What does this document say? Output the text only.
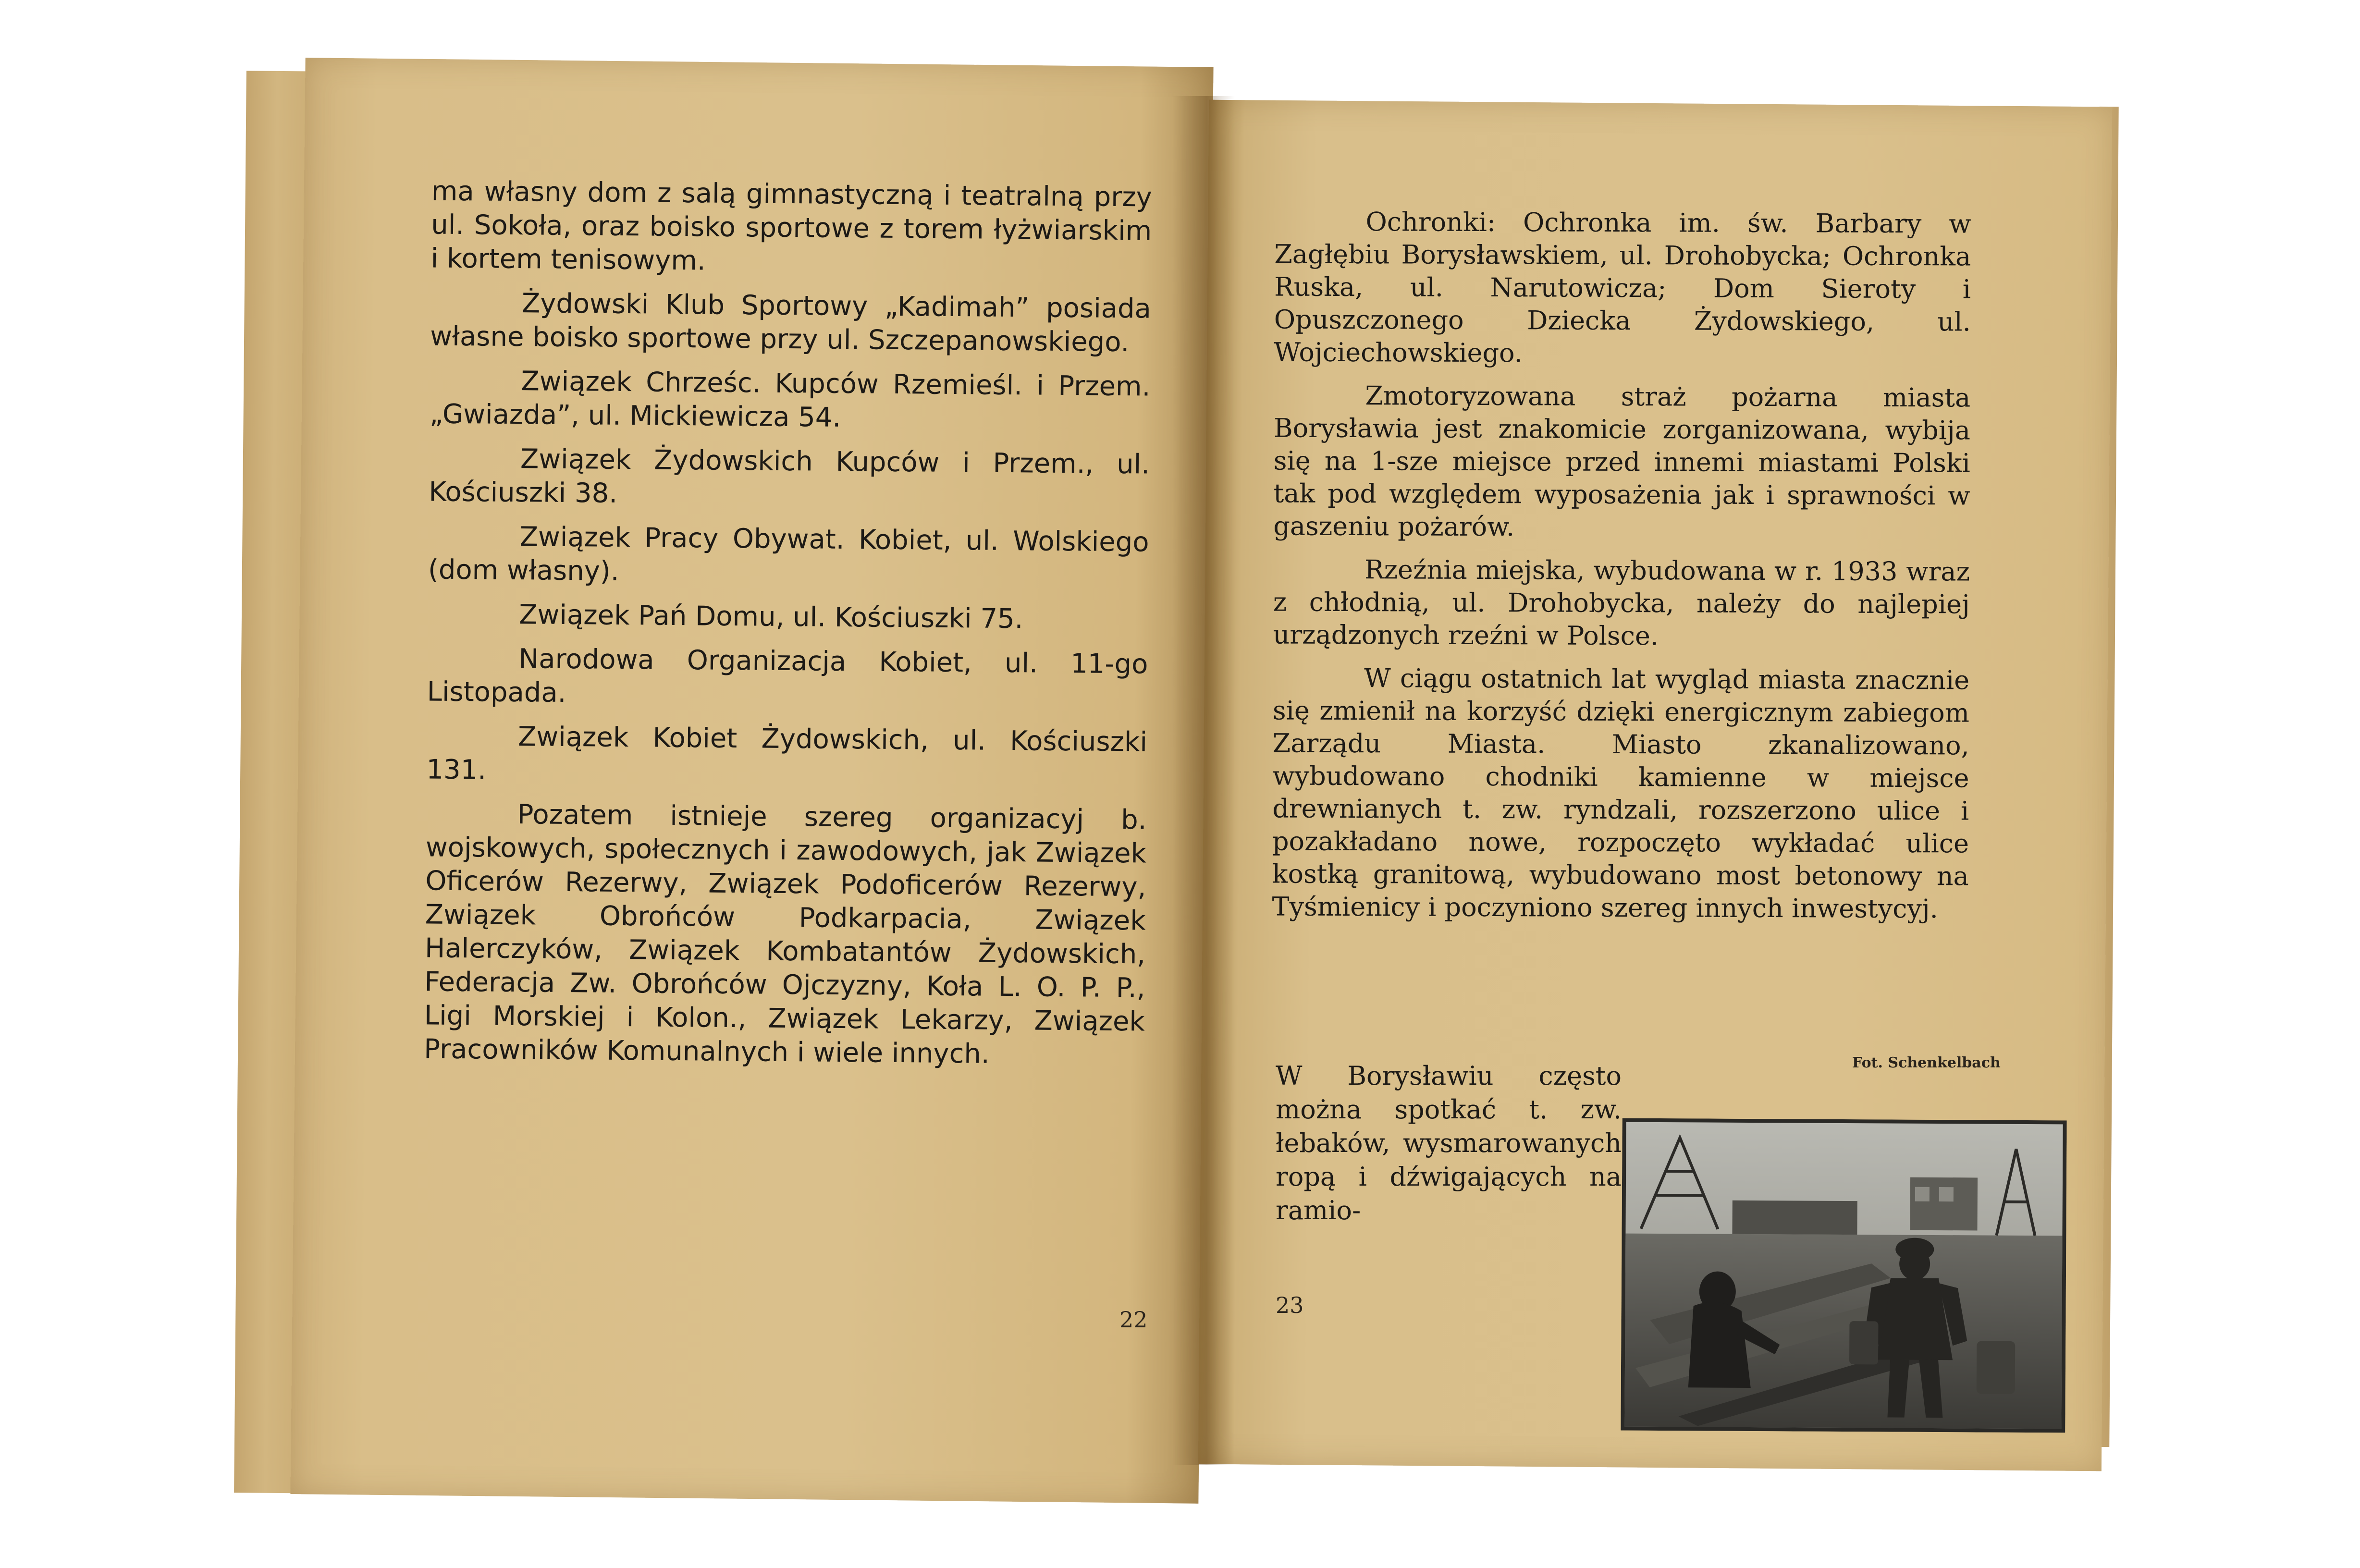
ma własny dom z salą gimnastyczną i teatralną przy ul. Sokoła, oraz boisko sportowe z torem łyżwiarskim i kortem tenisowym.

Żydowski Klub Sportowy „Kadimah” posiada własne boisko sportowe przy ul. Szczepanowskiego.

Związek Chrześc. Kupców Rzemieśl. i Przem. „Gwiazda”, ul. Mickiewicza 54.

Związek Żydowskich Kupców i Przem., ul. Kościuszki 38.

Związek Pracy Obywat. Kobiet, ul. Wolskiego (dom własny).

Związek Pań Domu, ul. Kościuszki 75.

Narodowa Organizacja Kobiet, ul. 11-go Listopada.

Związek Kobiet Żydowskich, ul. Kościuszki 131.

Pozatem istnieje szereg organizacyj b. wojskowych, społecznych i zawodowych, jak Związek Oficerów Rezerwy, Związek Podoficerów Rezerwy, Związek Obrońców Podkarpacia, Związek Halerczyków, Związek Kombatantów Żydowskich, Federacja Zw. Obrońców Ojczyzny, Koła L. O. P. P., Ligi Morskiej i Kolon., Związek Lekarzy, Związek Pracowników Komunalnych i wiele innych.

22

Ochronki: Ochronka im. św. Barbary w Zagłębiu Borysławskiem, ul. Drohobycka; Ochronka Ruska, ul. Narutowicza; Dom Sieroty i Opuszczonego Dziecka Żydowskiego, ul. Wojciechowskiego.

Zmotoryzowana straż pożarna miasta Borysławia jest znakomicie zorganizowana, wybija się na 1-sze miejsce przed innemi miastami Polski tak pod względem wyposażenia jak i sprawności w gaszeniu pożarów.

Rzeźnia miejska, wybudowana w r. 1933 wraz z chłodnią, ul. Drohobycka, należy do najlepiej urządzonych rzeźni w Polsce.

W ciągu ostatnich lat wygląd miasta znacznie się zmienił na korzyść dzięki energicznym zabiegom Zarządu Miasta. Miasto zkanalizowano, wybudowano chodniki kamienne w miejsce drewnianych t. zw. ryndzali, rozszerzono ulice i pozakładano nowe, rozpoczęto wykładać ulice kostką granitową, wybudowano most betonowy na Tyśmienicy i poczyniono szereg innych inwestycyj.

Fot. Schenkelbach
W Borysławiu często można spotkać t. zw. łebaków, wysmarowanych ropą i dźwigających na ramio-
23
